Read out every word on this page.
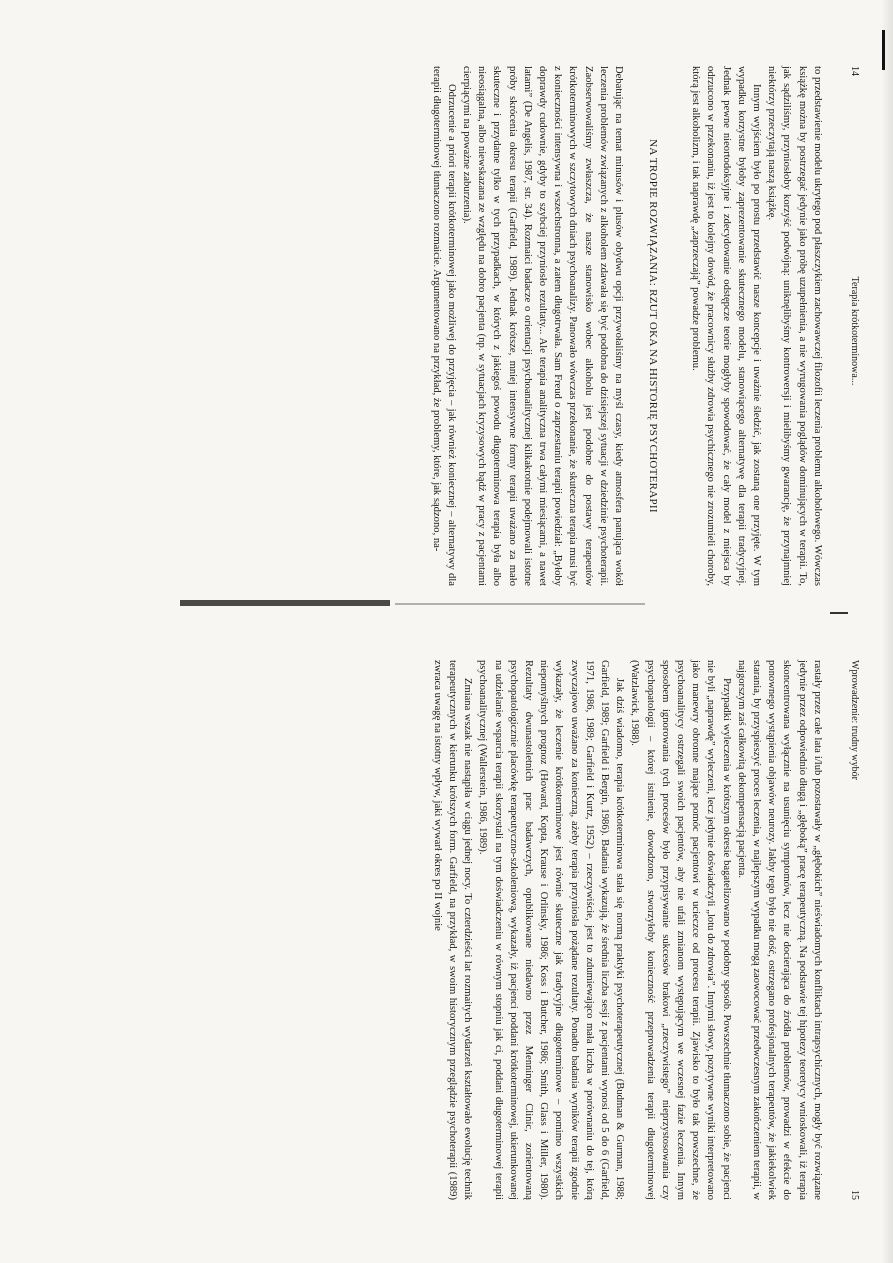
14
Terapia krótkoterminowa...

to przedstawienie modelu ukrytego pod płaszczykiem zachowawczej filozofii leczenia problemu alkoholowego. Wówczas książkę można by postrzegać jedynie jako próbę uzupełnienia, a nie wyrugowania poglądów dominujących w terapii. To, jak sądziliśmy, przyniosłoby korzyść podwójną: uniknęlibyśmy kontrowersji i mielibyśmy gwarancję, że przynajmniej niektórzy przeczytają naszą książkę.

Innym wyjściem było po prostu przedstawić nasze koncepcje i uważnie śledzić, jak zostaną one przyjęte. W tym wypadku korzystne byłoby zaprezentowanie skutecznego modelu, stanowiącego alternatywę dla terapii tradycyjnej. Jednak pewne nieortodoksyjne i zdecydowanie odstępcze teorie mogłyby spowodować, że cały model z miejsca by odrzucono w przekonaniu, iż jest to kolejny dowód, że pracownicy służby zdrowia psychicznego nie zrozumieli choroby, którą jest alkoholizm, i tak naprawdę „zaprzeczają” powadze problemu.

NA TROPIE ROZWIĄZANIA: RZUT OKA NA HISTORIĘ PSYCHOTERAPII

Debatując na temat minusów i plusów obydwu opcji przywołaliśmy na myśl czasy, kiedy atmosfera panująca wokół leczenia problemów związanych z alkoholem zdawała się być podobna do dzisiejszej sytuacji w dziedzinie psychoterapii. Zaobserwowaliśmy zwłaszcza, że nasze stanowisko wobec alkoholu jest podobne do postawy terapeutów krótkoterminowych w szczytowych dniach psychoanalizy. Panowało wówczas przekonanie, że skuteczna terapia musi być z konieczności intensywna i wszechstronna, a zatem długotrwała. Sam Freud o zaprzestaniu terapii powiedział: „Byłoby doprawdy cudownie, gdyby to szybciej przyniosło rezultaty... Ale terapia analityczna trwa całymi miesiącami, a nawet latami” (De Angelis, 1987, str. 34). Rozmaici badacze o orientacji psychoanalitycznej kilkakrotnie podejmowali istotne próby skrócenia okresu terapii (Garfield, 1989). Jednak krótsze, mniej intensywne formy terapii uważano za mało skuteczne i przydatne tylko w tych przypadkach, w których z jakiegoś powodu długoterminowa terapia była albo nieosiągalna, albo niewskazana ze względu na dobro pacjenta (np. w sytuacjach kryzysowych bądź w pracy z pacjentami cierpiącymi na poważne zaburzenia).

Odrzucenie a priori terapii krótkoterminowej jako możliwej do przyjęcia – jak również koniecznej – alternatywy dla terapii długoterminowej tłumaczono rozmaicie. Argumentowano na przykład, że problemy, które, jak sądzono, na-

Wprowadzenie: trudny wybór
15

rastały przez całe lata i/lub pozostawały w „głębokich” nieświadomych konfliktach intrapsychicznych, mogły być rozwiązane jedynie przez odpowiednio długą i „głęboką” pracę terapeutyczną. Na podstawie tej hipotezy teoretycy wnioskowali, iż terapia skoncentrowana wyłącznie na usunięciu symptomów, lecz nie docierająca do źródła problemów, prowadzi w efekcie do ponownego wystąpienia objawów neurozy. Jakby tego było nie dość, ostrzegano profesjonalnych terapeutów, że jakiekolwiek starania, by przyspieszyć proces leczenia, w najlepszym wypadku mogą zaowocować przedwczesnym zakończeniem terapii, w najgorszym zaś całkowitą dekompensacją pacjenta.

Przypadki wyleczenia w krótszym okresie bagatelizowano w podobny sposób. Powszechnie tłumaczono sobie, że pacjenci nie byli „naprawdę” wyleczeni, lecz jedynie doświadczyli „lotu do zdrowia”. Innymi słowy, pozytywne wyniki interpretowano jako manewry obronne mające pomóc pacjentowi w ucieczce od procesu terapii. Zjawisko to było tak powszechne, że psychoanalitycy ostrzegali swoich pacjentów, aby nie ufali zmianom występującym we wczesnej fazie leczenia. Innym sposobem ignorowania tych procesów było przypisywanie sukcesów brakowi „rzeczywistego” nieprzystosowania czy psychopatologii – której istnienie, dowodzono, stworzyłoby konieczność przeprowadzenia terapii długoterminowej (Watzlawick, 1988).

Jak dziś wiadomo, terapia krótkoterminowa stała się normą praktyki psychoterapeutycznej (Budman & Gurman, 1988; Garfield, 1989; Garfield i Bergin, 1986). Badania wykazują, że średnia liczba sesji z pacjentami wynosi od 5 do 6 (Garfield, 1971, 1986, 1989; Garfield i Kurtz, 1952) – rzeczywiście, jest to zdumiewająco mała liczba w porównaniu do tej, którą zwyczajowo uważano za konieczną, ażeby terapia przyniosła pożądane rezultaty. Ponadto badania wyników terapii zgodnie wykazały, że leczenie krótkoterminowe jest równie skuteczne jak tradycyjne długoterminowe – pomimo wszystkich niepomyślnych prognoz (Howard, Kopta, Krause i Orlinsky, 1986; Koss i Butcher, 1986; Smith, Glass i Miller, 1980). Rezultaty dwunastoletnich prac badawczych, opublikowane niedawno przez Menninger Clinic, zorientowaną psychopatologicznie placówkę terapeutyczno-szkoleniową, wykazały, iż pacjenci poddani krótkoterminowej, ukierunkowanej na udzielanie wsparcia terapii skorzystali na tym doświadczeniu w równym stopniu jak ci, poddani długoterminowej terapii psychoanalitycznej (Wallerstein, 1986, 1989).

Zmiana wszak nie nastąpiła w ciągu jednej nocy. To czterdzieści lat rozmaitych wydarzeń kształtowało ewolucję technik terapeutycznych w kierunku krótszych form. Garfield, na przykład, w swoim historycznym przeglądzie psychoterapii (1989) zwraca uwagę na istotny wpływ, jaki wywarł okres po II wojnie
